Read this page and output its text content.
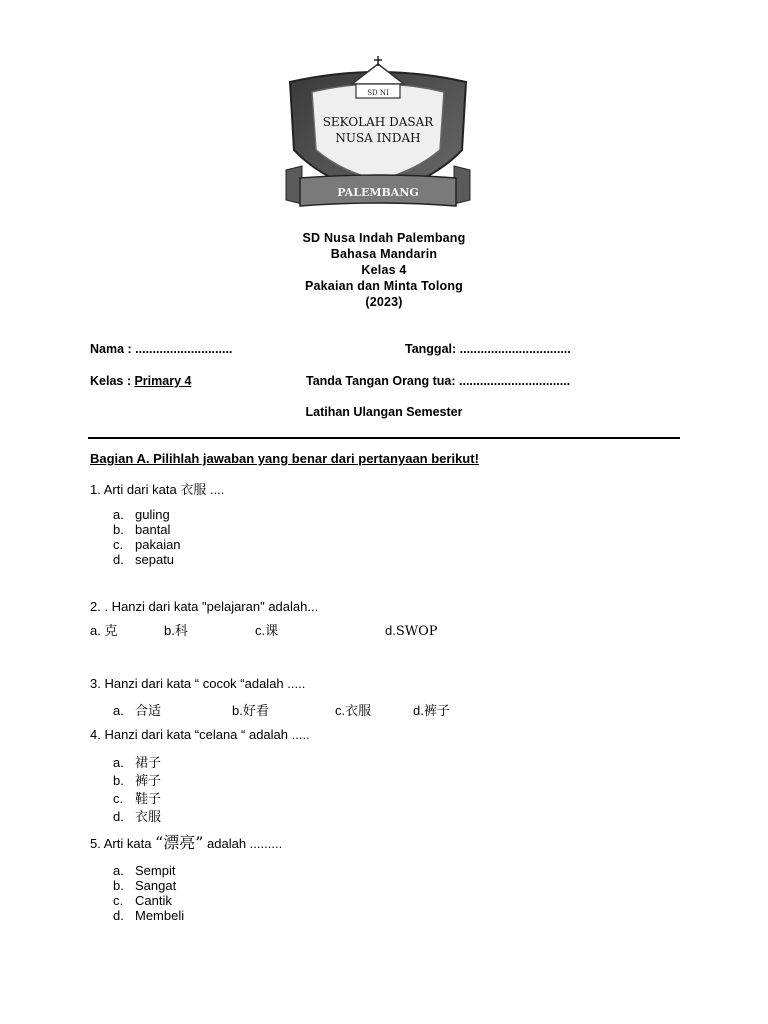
SD NI
SEKOLAH DASAR
NUSA INDAH
PALEMBANG
SD Nusa Indah Palembang
Bahasa Mandarin
Kelas 4
Pakaian dan Minta Tolong
(2023)
Nama : ............................	Tanggal: ................................
Kelas : Primary 4	Tanda Tangan Orang tua: ................................
Latihan Ulangan Semester
Bagian A. Pilihlah jawaban yang benar dari pertanyaan berikut!
1. Arti dari kata 衣服 ....
a. guling
b. bantal
c. pakaian
d. sepatu
2. . Hanzi dari kata "pelajaran" adalah...
a. 克	b.科	c.课	d.SWOP
3. Hanzi dari kata “ cocok “adalah .....
a. 合适	b.好看	c.衣服	d.裤子
4. Hanzi dari kata “celana “ adalah .....
a. 裙子
b. 裤子
c. 鞋子
d. 衣服
5. Arti kata “漂亮” adalah .........
a. Sempit
b. Sangat
c. Cantik
d. Membeli
